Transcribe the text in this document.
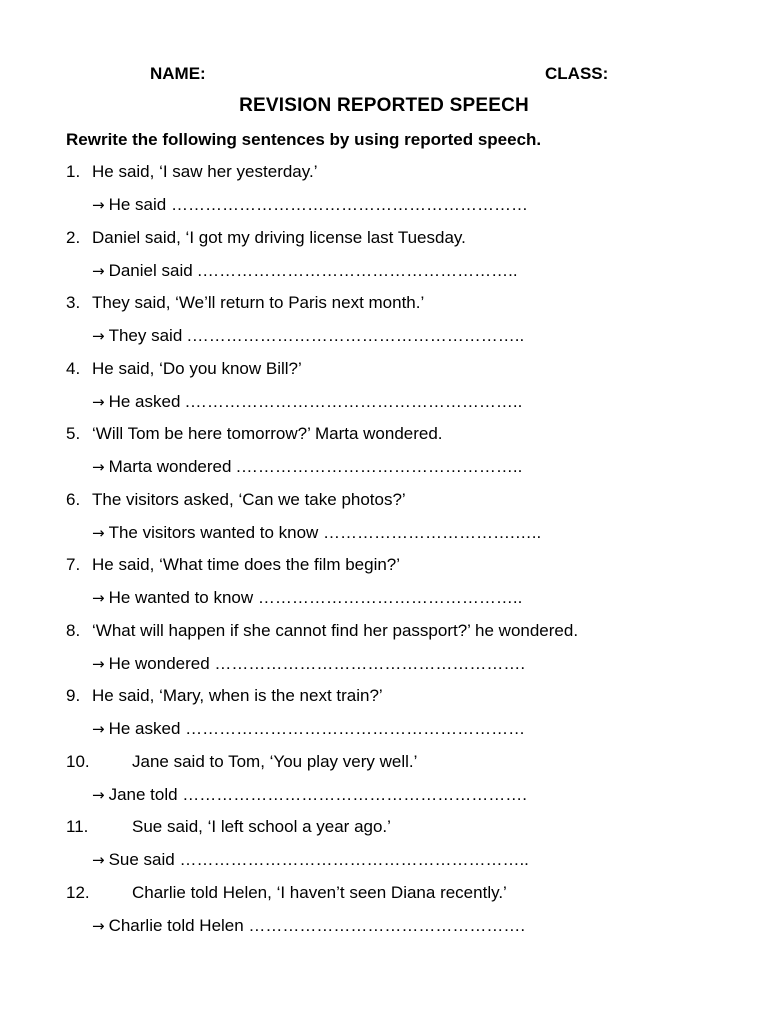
NAME:	CLASS:
REVISION REPORTED SPEECH
Rewrite the following sentences by using reported speech.
1. He said, ‘I saw her yesterday.’
→ He said ………………………………………………………
2. Daniel said, ‘I got my driving license last Tuesday.
→ Daniel said .………………………………………………..
3. They said, ‘We’ll return to Paris next month.’
→ They said .…………………………………………………..
4. He said, ‘Do you know Bill?’
→ He asked .…………………………………………………..
5. ‘Will Tom be here tomorrow?’ Marta wondered.
→ Marta wondered .…………………………………………..
6. The visitors asked, ‘Can we take photos?’
→ The visitors wanted to know …………………………….…..
7. He said, ‘What time does the film begin?’
→ He wanted to know ………………………………………..
8. ‘What will happen if she cannot find her passport?’ he wondered.
→ He wondered ……………………………………………….
9. He said, ‘Mary, when is the next train?’
→ He asked ……………………………………………………
10. Jane said to Tom, ‘You play very well.’
→ Jane told …………………………………………………….
11.	Sue said, ‘I left school a year ago.’
→ Sue said ……………………………………………………..
12. Charlie told Helen, ‘I haven’t seen Diana recently.’
→ Charlie told Helen ………………………………………….
